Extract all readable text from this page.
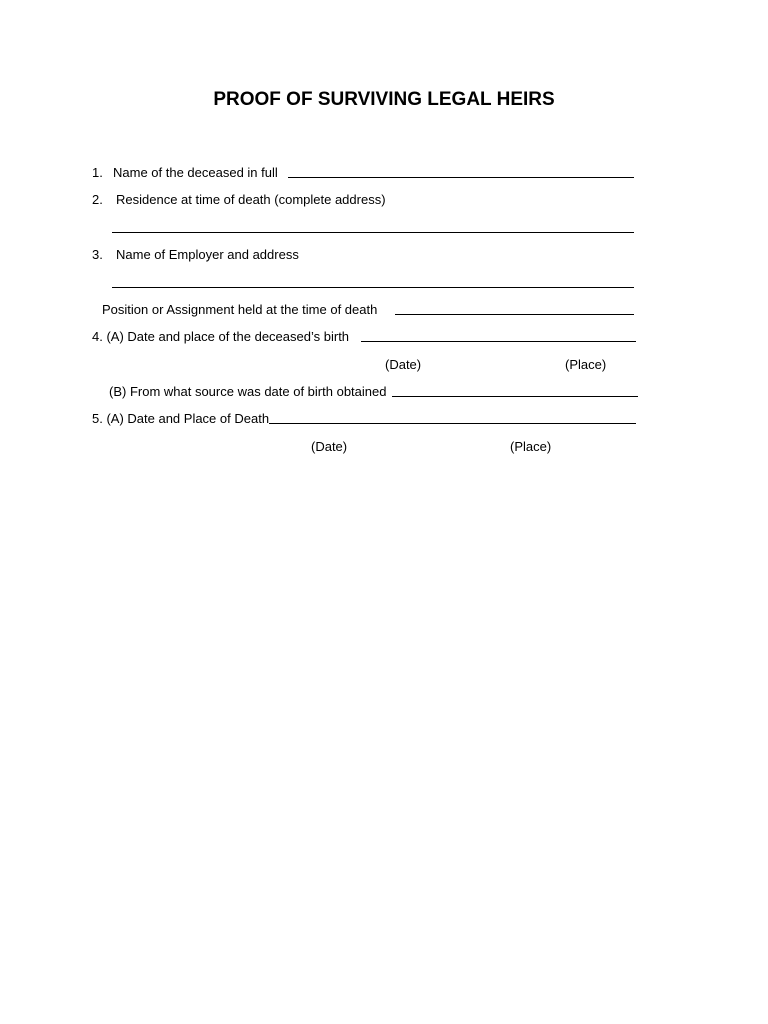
PROOF OF SURVIVING LEGAL HEIRS
1. Name of the deceased in full
2. Residence at time of death (complete address)
3. Name of Employer and address
Position or Assignment held at the time of death
4. (A) Date and place of the deceased’s birth
(Date)	(Place)
(B) From what source was date of birth obtained
5. (A) Date and Place of Death
(Date)	(Place)
